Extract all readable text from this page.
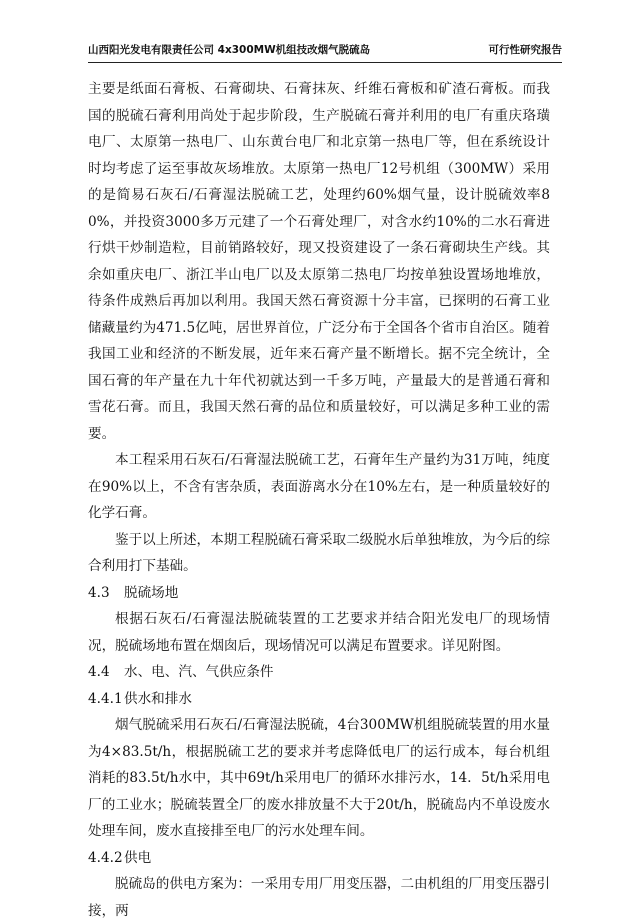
山西阳光发电有限责任公司 4x300MW机组技改烟气脱硫岛	可行性研究报告

主要是纸面石膏板、石膏砌块、石膏抹灰、纤维石膏板和矿渣石膏板。而我国的脱硫石膏利用尚处于起步阶段，生产脱硫石膏并利用的电厂有重庆珞璜电厂、太原第一热电厂、山东黄台电厂和北京第一热电厂等，但在系统设计时均考虑了运至事故灰场堆放。太原第一热电厂12号机组（300MW）采用的是简易石灰石/石膏湿法脱硫工艺，处理约60%烟气量，设计脱硫效率80%，并投资3000多万元建了一个石膏处理厂，对含水约10%的二水石膏进行烘干炒制造粒，目前销路较好，现又投资建设了一条石膏砌块生产线。其余如重庆电厂、浙江半山电厂以及太原第二热电厂均按单独设置场地堆放，待条件成熟后再加以利用。我国天然石膏资源十分丰富，已探明的石膏工业储藏量约为471.5亿吨，居世界首位，广泛分布于全国各个省市自治区。随着我国工业和经济的不断发展，近年来石膏产量不断增长。据不完全统计，全国石膏的年产量在九十年代初就达到一千多万吨，产量最大的是普通石膏和雪花石膏。而且，我国天然石膏的品位和质量较好，可以满足多种工业的需要。

本工程采用石灰石/石膏湿法脱硫工艺，石膏年生产量约为31万吨，纯度在90%以上，不含有害杂质，表面游离水分在10%左右，是一种质量较好的化学石膏。

鉴于以上所述，本期工程脱硫石膏采取二级脱水后单独堆放，为今后的综合利用打下基础。

4.3 脱硫场地

根据石灰石/石膏湿法脱硫装置的工艺要求并结合阳光发电厂的现场情况，脱硫场地布置在烟囱后，现场情况可以满足布置要求。详见附图。

4.4 水、电、汽、气供应条件

4.4.1供水和排水

烟气脱硫采用石灰石/石膏湿法脱硫，4台300MW机组脱硫装置的用水量为4×83.5t/h，根据脱硫工艺的要求并考虑降低电厂的运行成本，每台机组消耗的83.5t/h水中，其中69t/h采用电厂的循环水排污水，14．5t/h采用电厂的工业水；脱硫装置全厂的废水排放量不大于20t/h，脱硫岛内不单设废水处理车间，废水直接排至电厂的污水处理车间。

4.4.2供电

脱硫岛的供电方案为：一采用专用厂用变压器，二由机组的厂用变压器引接，两
